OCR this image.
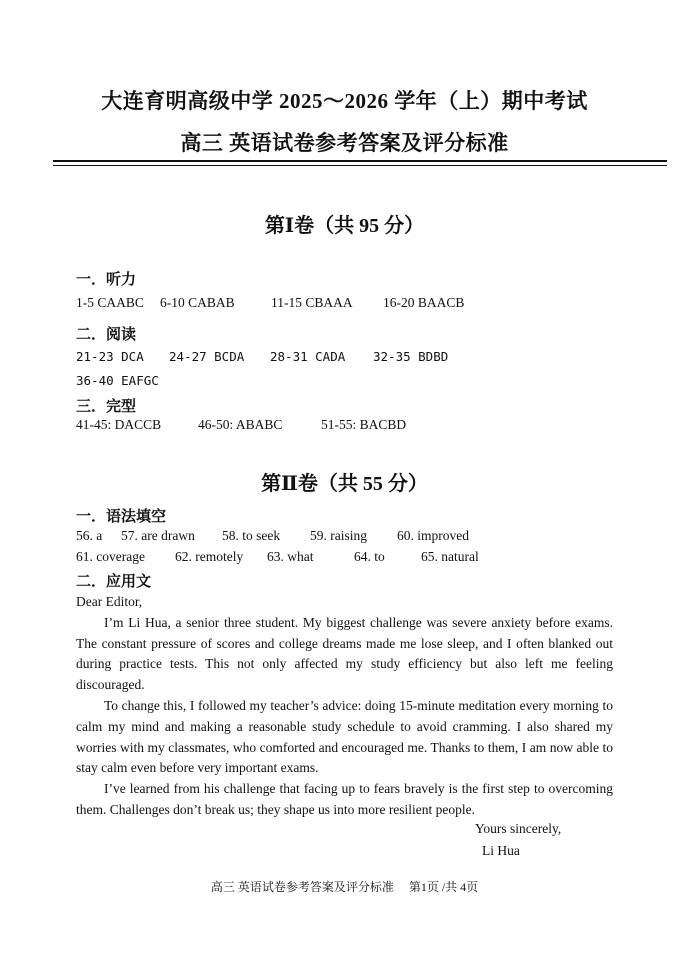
大连育明高级中学 2025～2026 学年（上）期中考试
高三 英语试卷参考答案及评分标准
第Ⅰ卷（共 95 分）
一．听力
1-5 CAABC 6-10 CABAB	11-15 CBAAA 16-20 BAACB
二．阅读
21-23 DCA 24-27 BCDA 28-31 CADA 32-35 BDBD
36-40 EAFGC
三．完型
41-45: DACCB	46-50: ABABC	51-55: BACBD
第Ⅱ卷（共 55 分）
一．语法填空
56. a 57. are drawn 58. to seek 59. raising 60. improved
61. coverage 62. remotely 63. what	64. to	65. natural
二．应用文

Dear Editor,

I’m Li Hua, a senior three student. My biggest challenge was severe anxiety before exams. The constant pressure of scores and college dreams made me lose sleep, and I often blanked out during practice tests. This not only affected my study efficiency but also left me feeling discouraged.

To change this, I followed my teacher’s advice: doing 15-minute meditation every morning to calm my mind and making a reasonable study schedule to avoid cramming. I also shared my worries with my classmates, who comforted and encouraged me. Thanks to them, I am now able to stay calm even before very important exams.

I’ve learned from his challenge that facing up to fears bravely is the first step to overcoming them. Challenges don’t break us; they shape us into more resilient people.

Yours sincerely,
Li Hua
高三 英语试卷参考答案及评分标准 第1页 /共 4页
